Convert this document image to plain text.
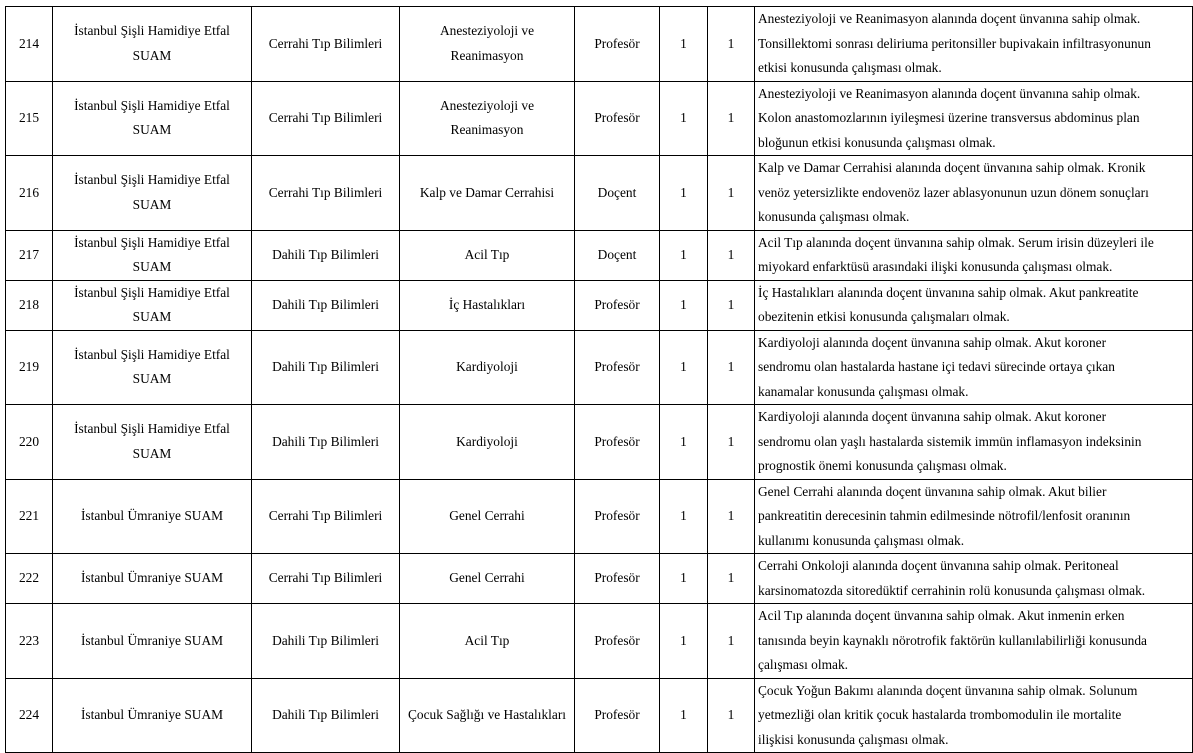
214	İstanbul Şişli Hamidiye Etfal SUAM	Cerrahi Tıp Bilimleri	Anesteziyoloji ve Reanimasyon	Profesör	1	1	Anesteziyoloji ve Reanimasyon alanında doçent ünvanına sahip olmak.
Tonsillektomi sonrası deliriuma peritonsiller bupivakain infiltrasyonunun
etkisi konusunda çalışması olmak.

215	İstanbul Şişli Hamidiye Etfal SUAM	Cerrahi Tıp Bilimleri	Anesteziyoloji ve Reanimasyon	Profesör	1	1	Anesteziyoloji ve Reanimasyon alanında doçent ünvanına sahip olmak.
Kolon anastomozlarının iyileşmesi üzerine transversus abdominus plan
bloğunun etkisi konusunda çalışması olmak.

216	İstanbul Şişli Hamidiye Etfal SUAM	Cerrahi Tıp Bilimleri	Kalp ve Damar Cerrahisi	Doçent	1	1	Kalp ve Damar Cerrahisi alanında doçent ünvanına sahip olmak. Kronik
venöz yetersizlikte endovenöz lazer ablasyonunun uzun dönem sonuçları
konusunda çalışması olmak.

217	İstanbul Şişli Hamidiye Etfal SUAM	Dahili Tıp Bilimleri	Acil Tıp	Doçent	1	1	Acil Tıp alanında doçent ünvanına sahip olmak. Serum irisin düzeyleri ile
miyokard enfarktüsü arasındaki ilişki konusunda çalışması olmak.

218	İstanbul Şişli Hamidiye Etfal SUAM	Dahili Tıp Bilimleri	İç Hastalıkları	Profesör	1	1	İç Hastalıkları alanında doçent ünvanına sahip olmak. Akut pankreatite
obezitenin etkisi konusunda çalışmaları olmak.

219	İstanbul Şişli Hamidiye Etfal SUAM	Dahili Tıp Bilimleri	Kardiyoloji	Profesör	1	1	Kardiyoloji alanında doçent ünvanına sahip olmak. Akut koroner
sendromu olan hastalarda hastane içi tedavi sürecinde ortaya çıkan
kanamalar konusunda çalışması olmak.

220	İstanbul Şişli Hamidiye Etfal SUAM	Dahili Tıp Bilimleri	Kardiyoloji	Profesör	1	1	Kardiyoloji alanında doçent ünvanına sahip olmak. Akut koroner
sendromu olan yaşlı hastalarda sistemik immün inflamasyon indeksinin
prognostik önemi konusunda çalışması olmak.

221	İstanbul Ümraniye SUAM	Cerrahi Tıp Bilimleri	Genel Cerrahi	Profesör	1	1	Genel Cerrahi alanında doçent ünvanına sahip olmak. Akut bilier
pankreatitin derecesinin tahmin edilmesinde nötrofil/lenfosit oranının
kullanımı konusunda çalışması olmak.

222	İstanbul Ümraniye SUAM	Cerrahi Tıp Bilimleri	Genel Cerrahi	Profesör	1	1	Cerrahi Onkoloji alanında doçent ünvanına sahip olmak. Peritoneal
karsinomatozda sitoredüktif cerrahinin rolü konusunda çalışması olmak.

223	İstanbul Ümraniye SUAM	Dahili Tıp Bilimleri	Acil Tıp	Profesör	1	1	Acil Tıp alanında doçent ünvanına sahip olmak. Akut inmenin erken
tanısında beyin kaynaklı nörotrofik faktörün kullanılabilirliği konusunda
çalışması olmak.

224	İstanbul Ümraniye SUAM	Dahili Tıp Bilimleri	Çocuk Sağlığı ve Hastalıkları	Profesör	1	1	Çocuk Yoğun Bakımı alanında doçent ünvanına sahip olmak. Solunum
yetmezliği olan kritik çocuk hastalarda trombomodulin ile mortalite
ilişkisi konusunda çalışması olmak.
